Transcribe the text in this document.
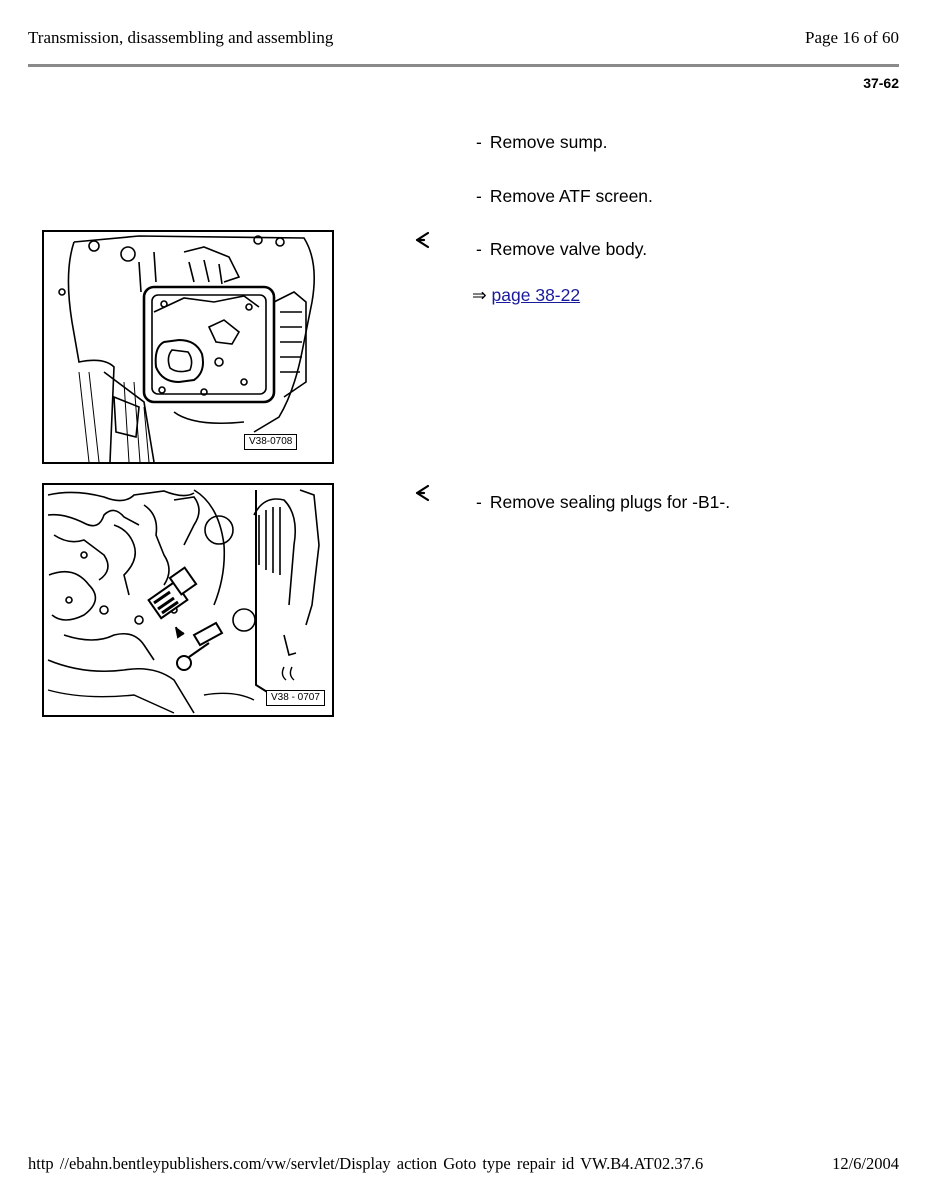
Transmission, disassembling and assembling	Page 16 of 60
37-62
- Remove sump.
- Remove ATF screen.
- Remove valve body.
⇒ page 38-22
- Remove sealing plugs for -B1-.
V38-0708
V38 - 0707
http //ebahn.bentleypublishers.com/vw/servlet/Display action Goto type repair id VW.B4.AT02.37.6	12/6/2004
